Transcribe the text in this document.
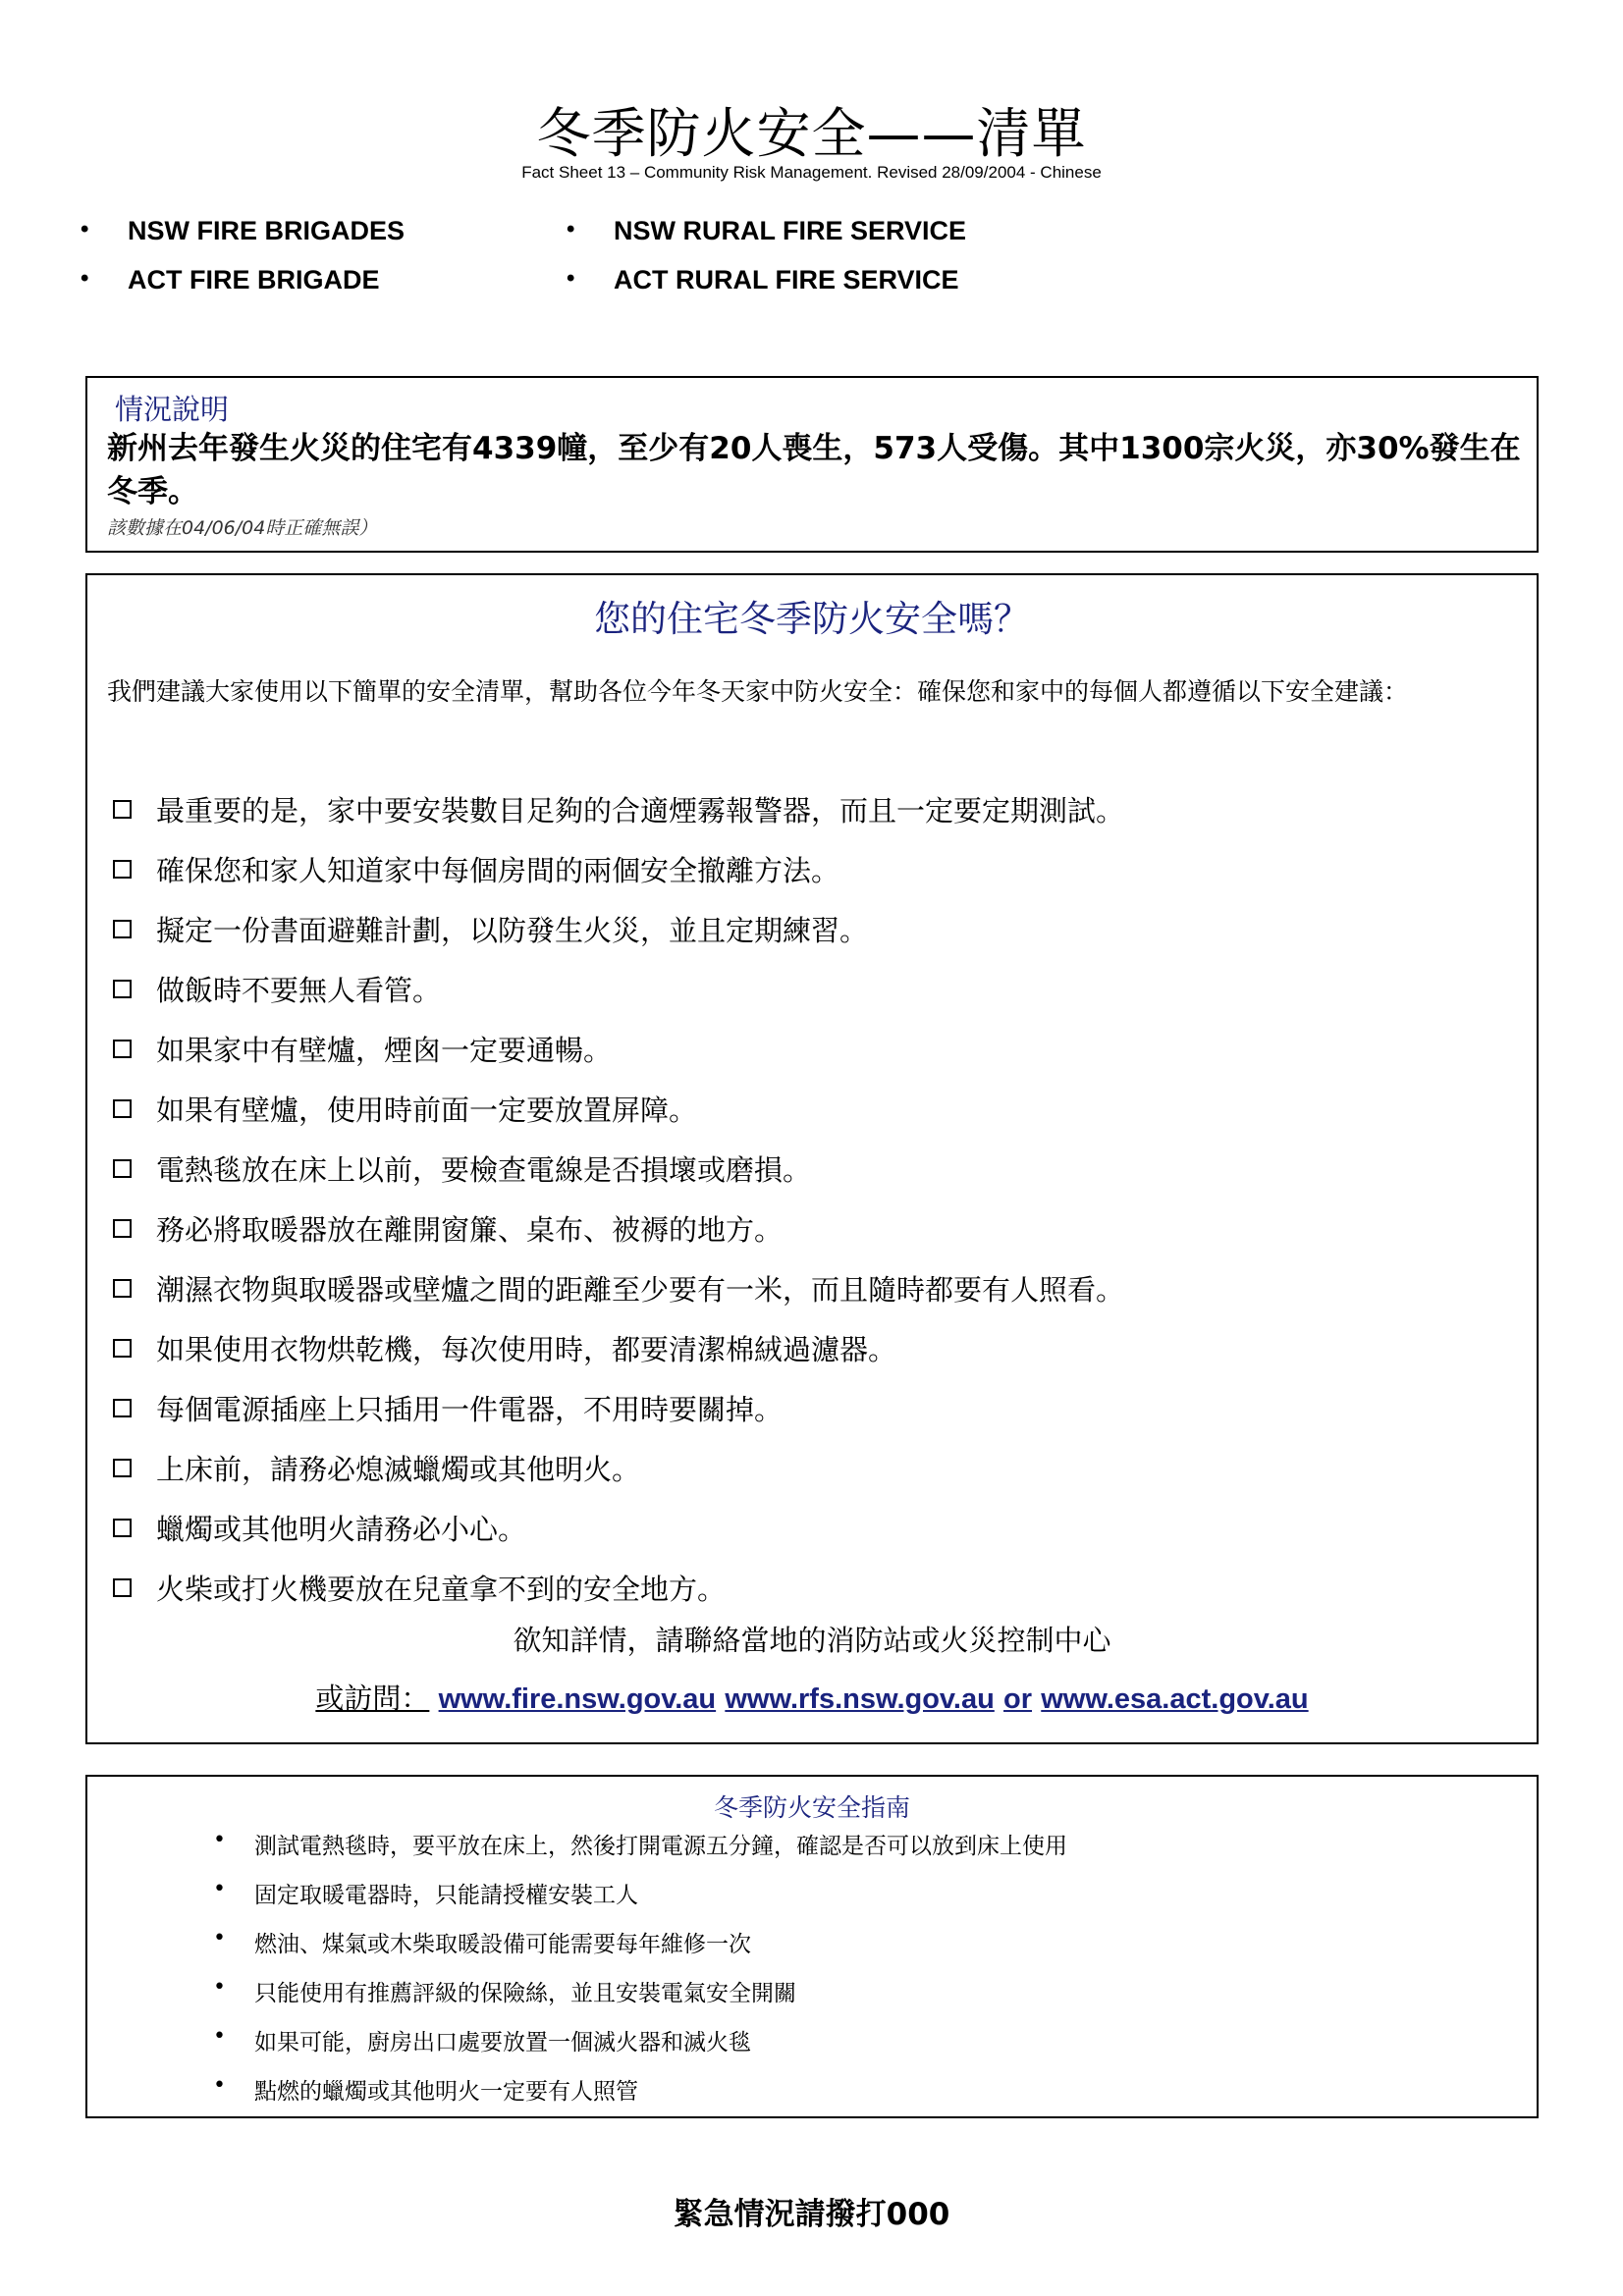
冬季防火安全——清單
Fact Sheet 13 – Community Risk Management. Revised 28/09/2004 - Chinese
• NSW FIRE BRIGADES	• NSW RURAL FIRE SERVICE
• ACT FIRE BRIGADE	• ACT RURAL FIRE SERVICE
情況說明
新州去年發生火災的住宅有4339幢，至少有20人喪生，573人受傷。其中1300宗火災，亦30%發生在冬季。
該數據在04/06/04時正確無誤）
您的住宅冬季防火安全嗎？
我們建議大家使用以下簡單的安全清單，幫助各位今年冬天家中防火安全：確保您和家中的每個人都遵循以下安全建議：
最重要的是，家中要安裝數目足夠的合適煙霧報警器，而且一定要定期測試。
確保您和家人知道家中每個房間的兩個安全撤離方法。
擬定一份書面避難計劃，以防發生火災，並且定期練習。
做飯時不要無人看管。
如果家中有壁爐，煙囪一定要通暢。
如果有壁爐，使用時前面一定要放置屏障。
電熱毯放在床上以前，要檢查電線是否損壞或磨損。
務必將取暖器放在離開窗簾、桌布、被褥的地方。
潮濕衣物與取暖器或壁爐之間的距離至少要有一米，而且隨時都要有人照看。
如果使用衣物烘乾機，每次使用時，都要清潔棉絨過濾器。
每個電源插座上只插用一件電器，不用時要關掉。
上床前，請務必熄滅蠟燭或其他明火。
蠟燭或其他明火請務必小心。
火柴或打火機要放在兒童拿不到的安全地方。
欲知詳情，請聯絡當地的消防站或火災控制中心
或訪問： www.fire.nsw.gov.au www.rfs.nsw.gov.au or www.esa.act.gov.au
冬季防火安全指南
• 測試電熱毯時，要平放在床上，然後打開電源五分鐘，確認是否可以放到床上使用
• 固定取暖電器時，只能請授權安裝工人
• 燃油、煤氣或木柴取暖設備可能需要每年維修一次
• 只能使用有推薦評級的保險絲，並且安裝電氣安全開關
• 如果可能，廚房出口處要放置一個滅火器和滅火毯
• 點燃的蠟燭或其他明火一定要有人照管
緊急情況請撥打000
